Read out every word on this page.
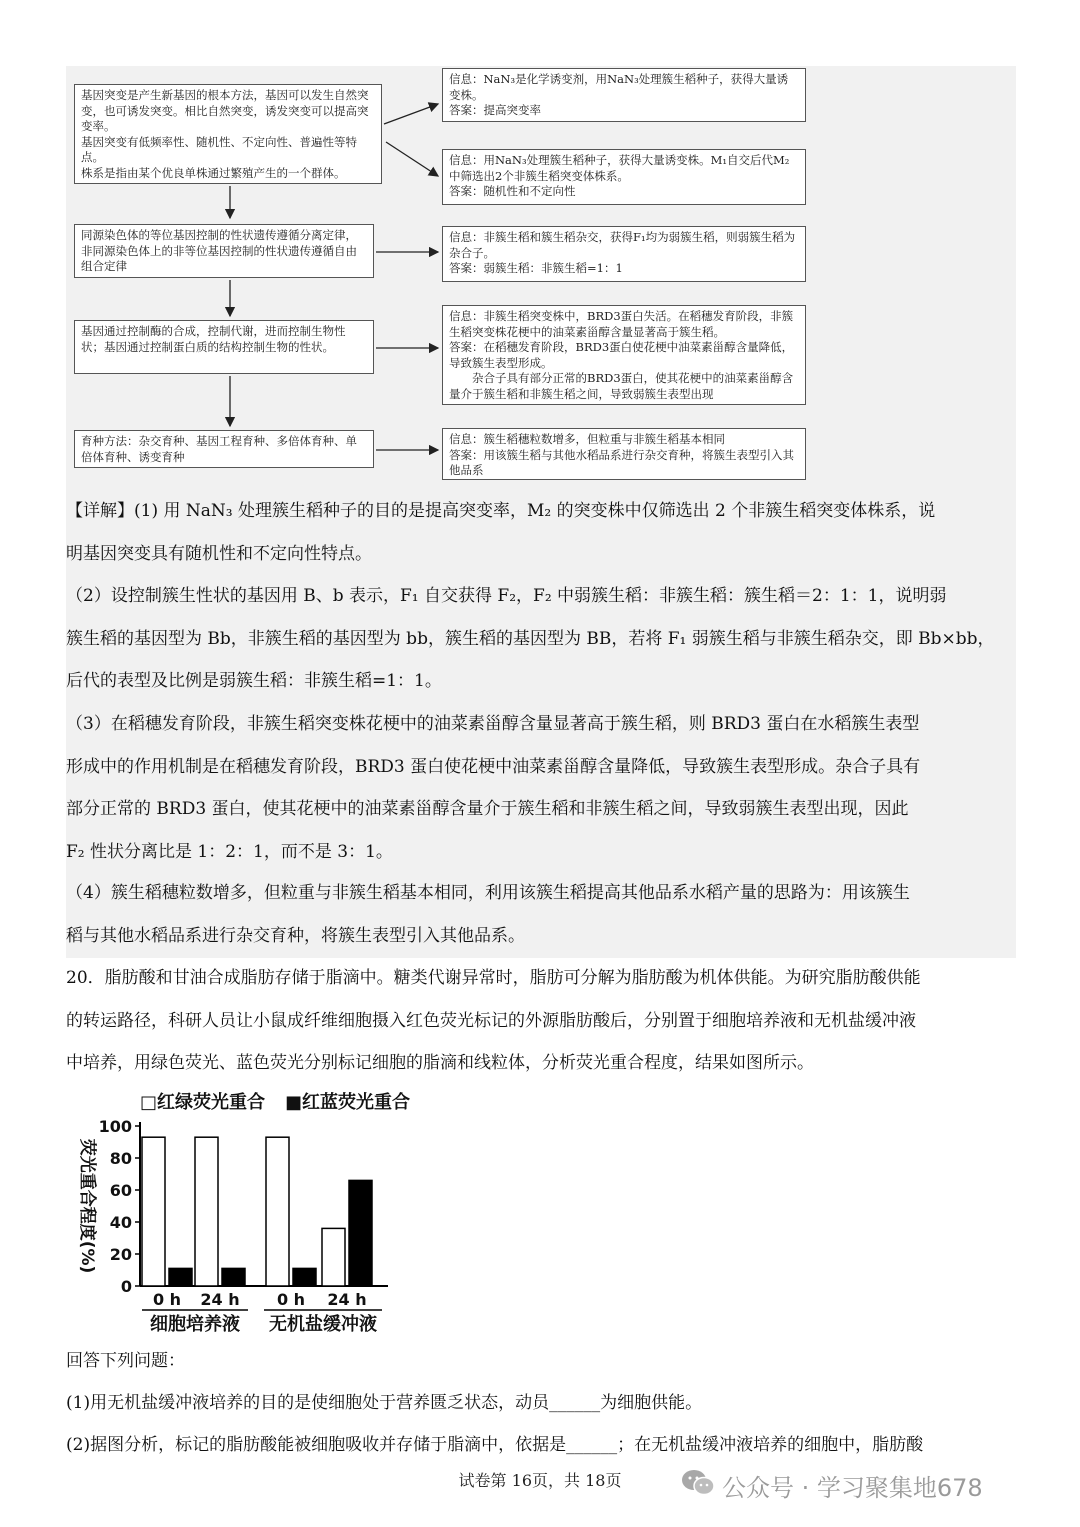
基因突变是产生新基因的根本方法，基因可以发生自然突变，也可诱发突变。相比自然突变，诱发突变可以提高突变率。
基因突变有低频率性、随机性、不定向性、普遍性等特点。
株系是指由某个优良单株通过繁殖产生的一个群体。
同源染色体的等位基因控制的性状遗传遵循分离定律，非同源染色体上的非等位基因控制的性状遗传遵循自由组合定律
基因通过控制酶的合成，控制代谢，进而控制生物性状；基因通过控制蛋白质的结构控制生物的性状。
育种方法：杂交育种、基因工程育种、多倍体育种、单倍体育种、诱变育种
信息：NaN₃是化学诱变剂，用NaN₃处理簇生稻种子，获得大量诱变株。
答案：提高突变率
信息：用NaN₃处理簇生稻种子，获得大量诱变株。M₁自交后代M₂中筛选出2个非簇生稻突变体株系。
答案：随机性和不定向性
信息：非簇生稻和簇生稻杂交，获得F₁均为弱簇生稻，则弱簇生稻为杂合子。
答案：弱簇生稻：非簇生稻=1：1
信息：非簇生稻突变株中，BRD3蛋白失活。在稻穗发育阶段，非簇生稻突变株花梗中的油菜素甾醇含量显著高于簇生稻。
答案：在稻穗发育阶段，BRD3蛋白使花梗中油菜素甾醇含量降低，导致簇生表型形成。
　　杂合子具有部分正常的BRD3蛋白，使其花梗中的油菜素甾醇含量介于簇生稻和非簇生稻之间，导致弱簇生表型出现
信息：簇生稻穗粒数增多，但粒重与非簇生稻基本相同
答案：用该簇生稻与其他水稻品系进行杂交育种，将簇生表型引入其他品系
【详解】(1) 用 NaN₃ 处理簇生稻种子的目的是提高突变率，M₂ 的突变株中仅筛选出 2 个非簇生稻突变体株系，说
明基因突变具有随机性和不定向性特点。
（2）设控制簇生性状的基因用 B、b 表示，F₁ 自交获得 F₂，F₂ 中弱簇生稻：非簇生稻：簇生稻＝2：1：1，说明弱
簇生稻的基因型为 Bb，非簇生稻的基因型为 bb，簇生稻的基因型为 BB，若将 F₁ 弱簇生稻与非簇生稻杂交，即 Bb×bb，
后代的表型及比例是弱簇生稻：非簇生稻=1：1。
（3）在稻穗发育阶段，非簇生稻突变株花梗中的油菜素甾醇含量显著高于簇生稻，则 BRD3 蛋白在水稻簇生表型
形成中的作用机制是在稻穗发育阶段，BRD3 蛋白使花梗中油菜素甾醇含量降低，导致簇生表型形成。杂合子具有
部分正常的 BRD3 蛋白，使其花梗中的油菜素甾醇含量介于簇生稻和非簇生稻之间，导致弱簇生表型出现，因此
F₂ 性状分离比是 1：2：1，而不是 3：1。
（4）簇生稻穗粒数增多，但粒重与非簇生稻基本相同，利用该簇生稻提高其他品系水稻产量的思路为：用该簇生
稻与其他水稻品系进行杂交育种，将簇生表型引入其他品系。
20．脂肪酸和甘油合成脂肪存储于脂滴中。糖类代谢异常时，脂肪可分解为脂肪酸为机体供能。为研究脂肪酸供能
的转运路径，科研人员让小鼠成纤维细胞摄入红色荧光标记的外源脂肪酸后，分别置于细胞培养液和无机盐缓冲液
中培养，用绿色荧光、蓝色荧光分别标记细胞的脂滴和线粒体，分析荧光重合程度，结果如图所示。
□红绿荧光重合 ■红蓝荧光重合
荧光重合程度(%)
0
20
40
60
80
100
0 h 24 h 0 h 24 h
细胞培养液 无机盐缓冲液
回答下列问题：
(1)用无机盐缓冲液培养的目的是使细胞处于营养匮乏状态，动员______为细胞供能。
(2)据图分析，标记的脂肪酸能被细胞吸收并存储于脂滴中，依据是______；在无机盐缓冲液培养的细胞中，脂肪酸
试卷第 16页，共 18页	公众号 · 学习聚集地678
